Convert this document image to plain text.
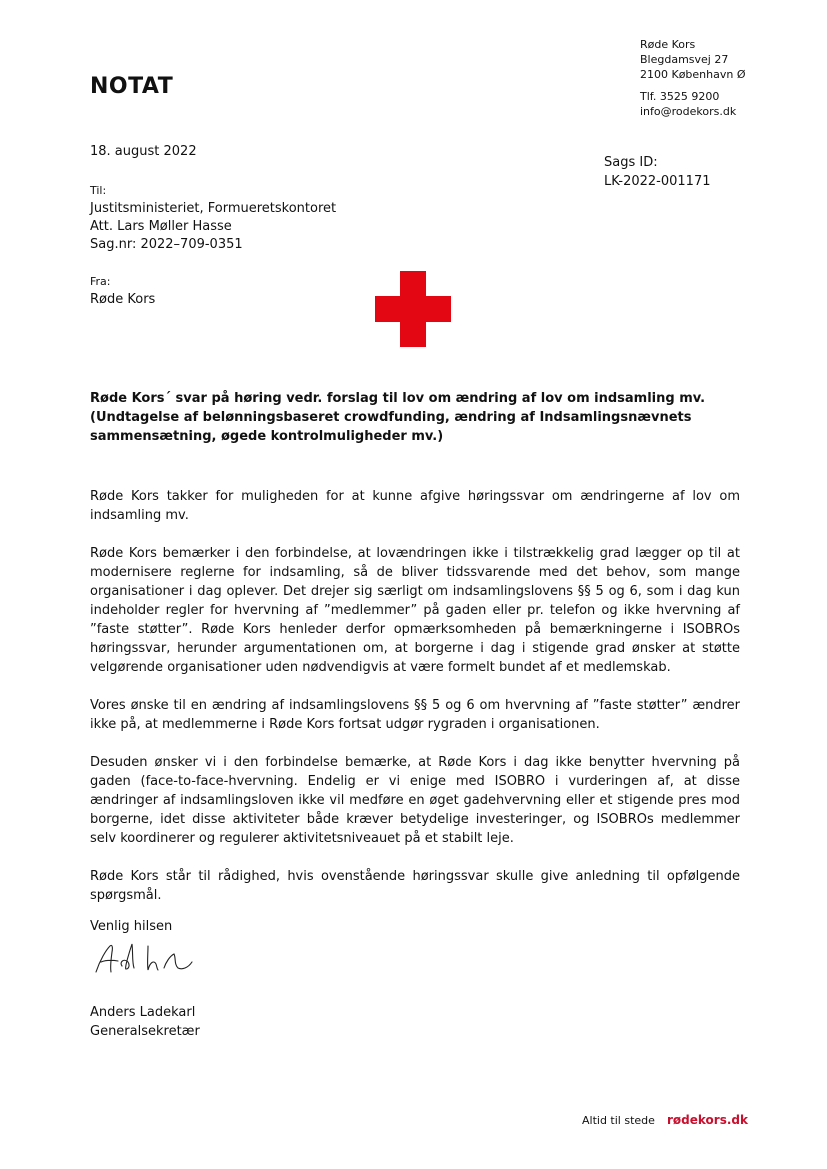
Røde Kors
Blegdamsvej 27
2100 København Ø
Tlf. 3525 9200
info@rodekors.dk
NOTAT
18. august 2022
Sags ID:
LK-2022-001171
Til:
Justitsministeriet, Formueretskontoret
Att. Lars Møller Hasse
Sag.nr: 2022–709-0351
Fra:
Røde Kors
Røde Kors´ svar på høring vedr. forslag til lov om ændring af lov om indsamling mv. (Undtagelse af belønningsbaseret crowdfunding, ændring af Indsamlingsnævnets sammensætning, øgede kontrolmuligheder mv.)

Røde Kors takker for muligheden for at kunne afgive høringssvar om ændringerne af lov om indsamling mv.

Røde Kors bemærker i den forbindelse, at lovændringen ikke i tilstrækkelig grad lægger op til at modernisere reglerne for indsamling, så de bliver tidssvarende med det behov, som mange organisationer i dag oplever. Det drejer sig særligt om indsamlingslovens §§ 5 og 6, som i dag kun indeholder regler for hvervning af ”medlemmer” på gaden eller pr. telefon og ikke hvervning af ”faste støtter”. Røde Kors henleder derfor opmærksomheden på bemærkningerne i ISOBROs høringssvar, herunder argumentationen om, at borgerne i dag i stigende grad ønsker at støtte velgørende organisationer uden nødvendigvis at være formelt bundet af et medlemskab.

Vores ønske til en ændring af indsamlingslovens §§ 5 og 6 om hvervning af ”faste støtter” ændrer ikke på, at medlemmerne i Røde Kors fortsat udgør rygraden i organisationen.

Desuden ønsker vi i den forbindelse bemærke, at Røde Kors i dag ikke benytter hvervning på gaden (face-to-face-hvervning. Endelig er vi enige med ISOBRO i vurderingen af, at disse ændringer af indsamlingsloven ikke vil medføre en øget gadehvervning eller et stigende pres mod borgerne, idet disse aktiviteter både kræver betydelige investeringer, og ISOBROs medlemmer selv koordinerer og regulerer aktivitetsniveauet på et stabilt leje.

Røde Kors står til rådighed, hvis ovenstående høringssvar skulle give anledning til opfølgende spørgsmål.

Venlig hilsen
Anders Ladekarl
Generalsekretær
Altid til stede rødekors.dk
